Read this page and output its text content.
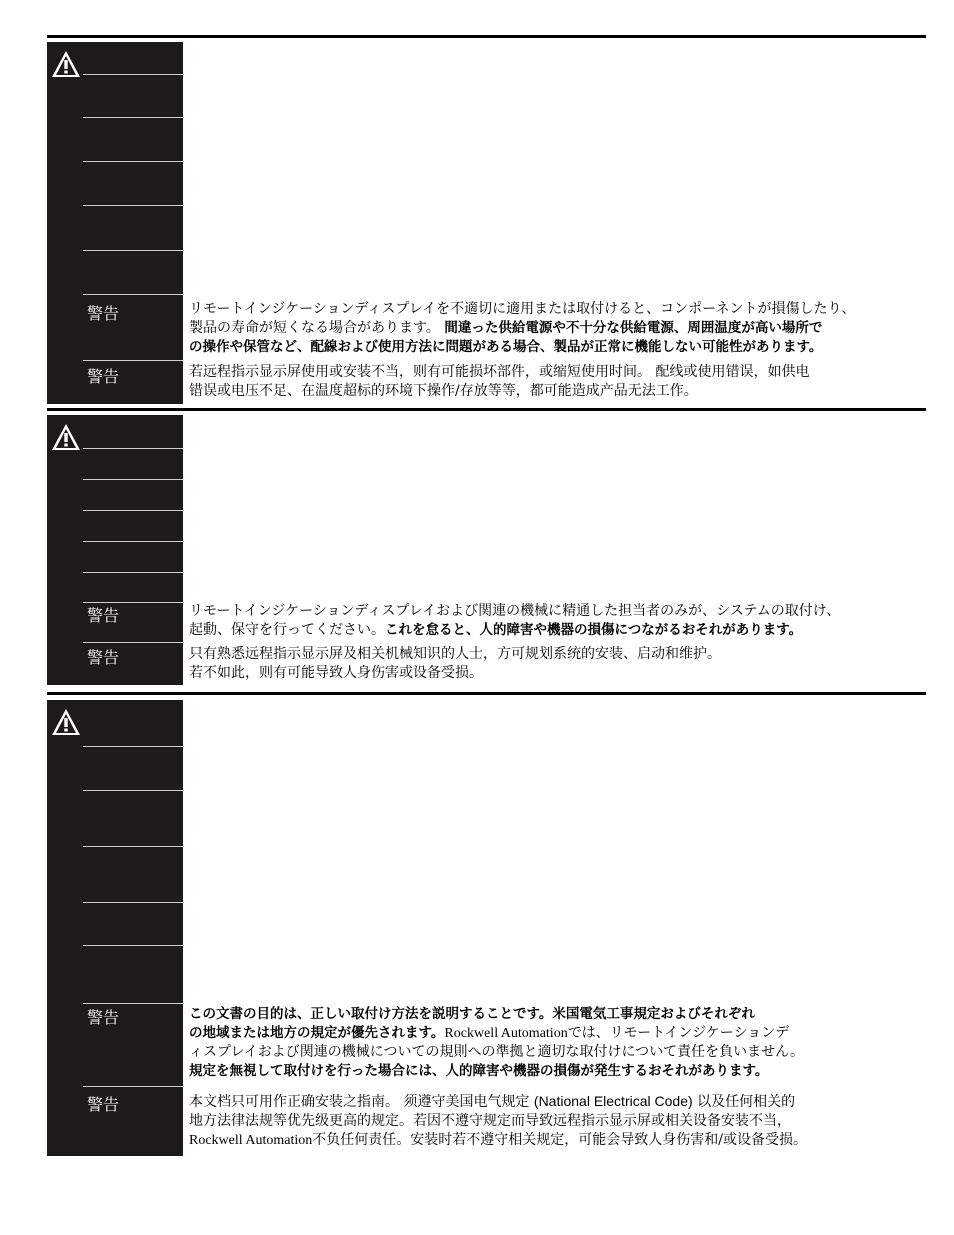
警告
警告
リモートインジケーションディスプレイを不適切に適用または取付けると、コンポーネントが損傷したり、
製品の寿命が短くなる場合があります。 間違った供給電源や不十分な供給電源、周囲温度が高い場所で
の操作や保管など、配線および使用方法に問題がある場合、製品が正常に機能しない可能性があります。
若远程指示显示屏使用或安装不当，则有可能损坏部件，或缩短使用时间。 配线或使用错误，如供电
错误或电压不足、在温度超标的环境下操作/存放等等，都可能造成产品无法工作。
警告
警告
リモートインジケーションディスプレイおよび関連の機械に精通した担当者のみが、システムの取付け、
起動、保守を行ってください。これを怠ると、人的障害や機器の損傷につながるおそれがあります。
只有熟悉远程指示显示屏及相关机械知识的人士，方可规划系统的安装、启动和维护。
若不如此，则有可能导致人身伤害或设备受损。
警告
警告
この文書の目的は、正しい取付け方法を説明することです。米国電気工事規定およびそれぞれ
の地域または地方の規定が優先されます。Rockwell Automationでは、リモートインジケーションデ
ィスプレイおよび関連の機械についての規則への準拠と適切な取付けについて責任を負いません。
規定を無視して取付けを行った場合には、人的障害や機器の損傷が発生するおそれがあります。
本文档只可用作正确安装之指南。 须遵守美国电气规定 (National Electrical Code) 以及任何相关的
地方法律法规等优先级更高的规定。若因不遵守规定而导致远程指示显示屏或相关设备安装不当，
Rockwell Automation不负任何责任。安装时若不遵守相关规定，可能会导致人身伤害和/或设备受损。
